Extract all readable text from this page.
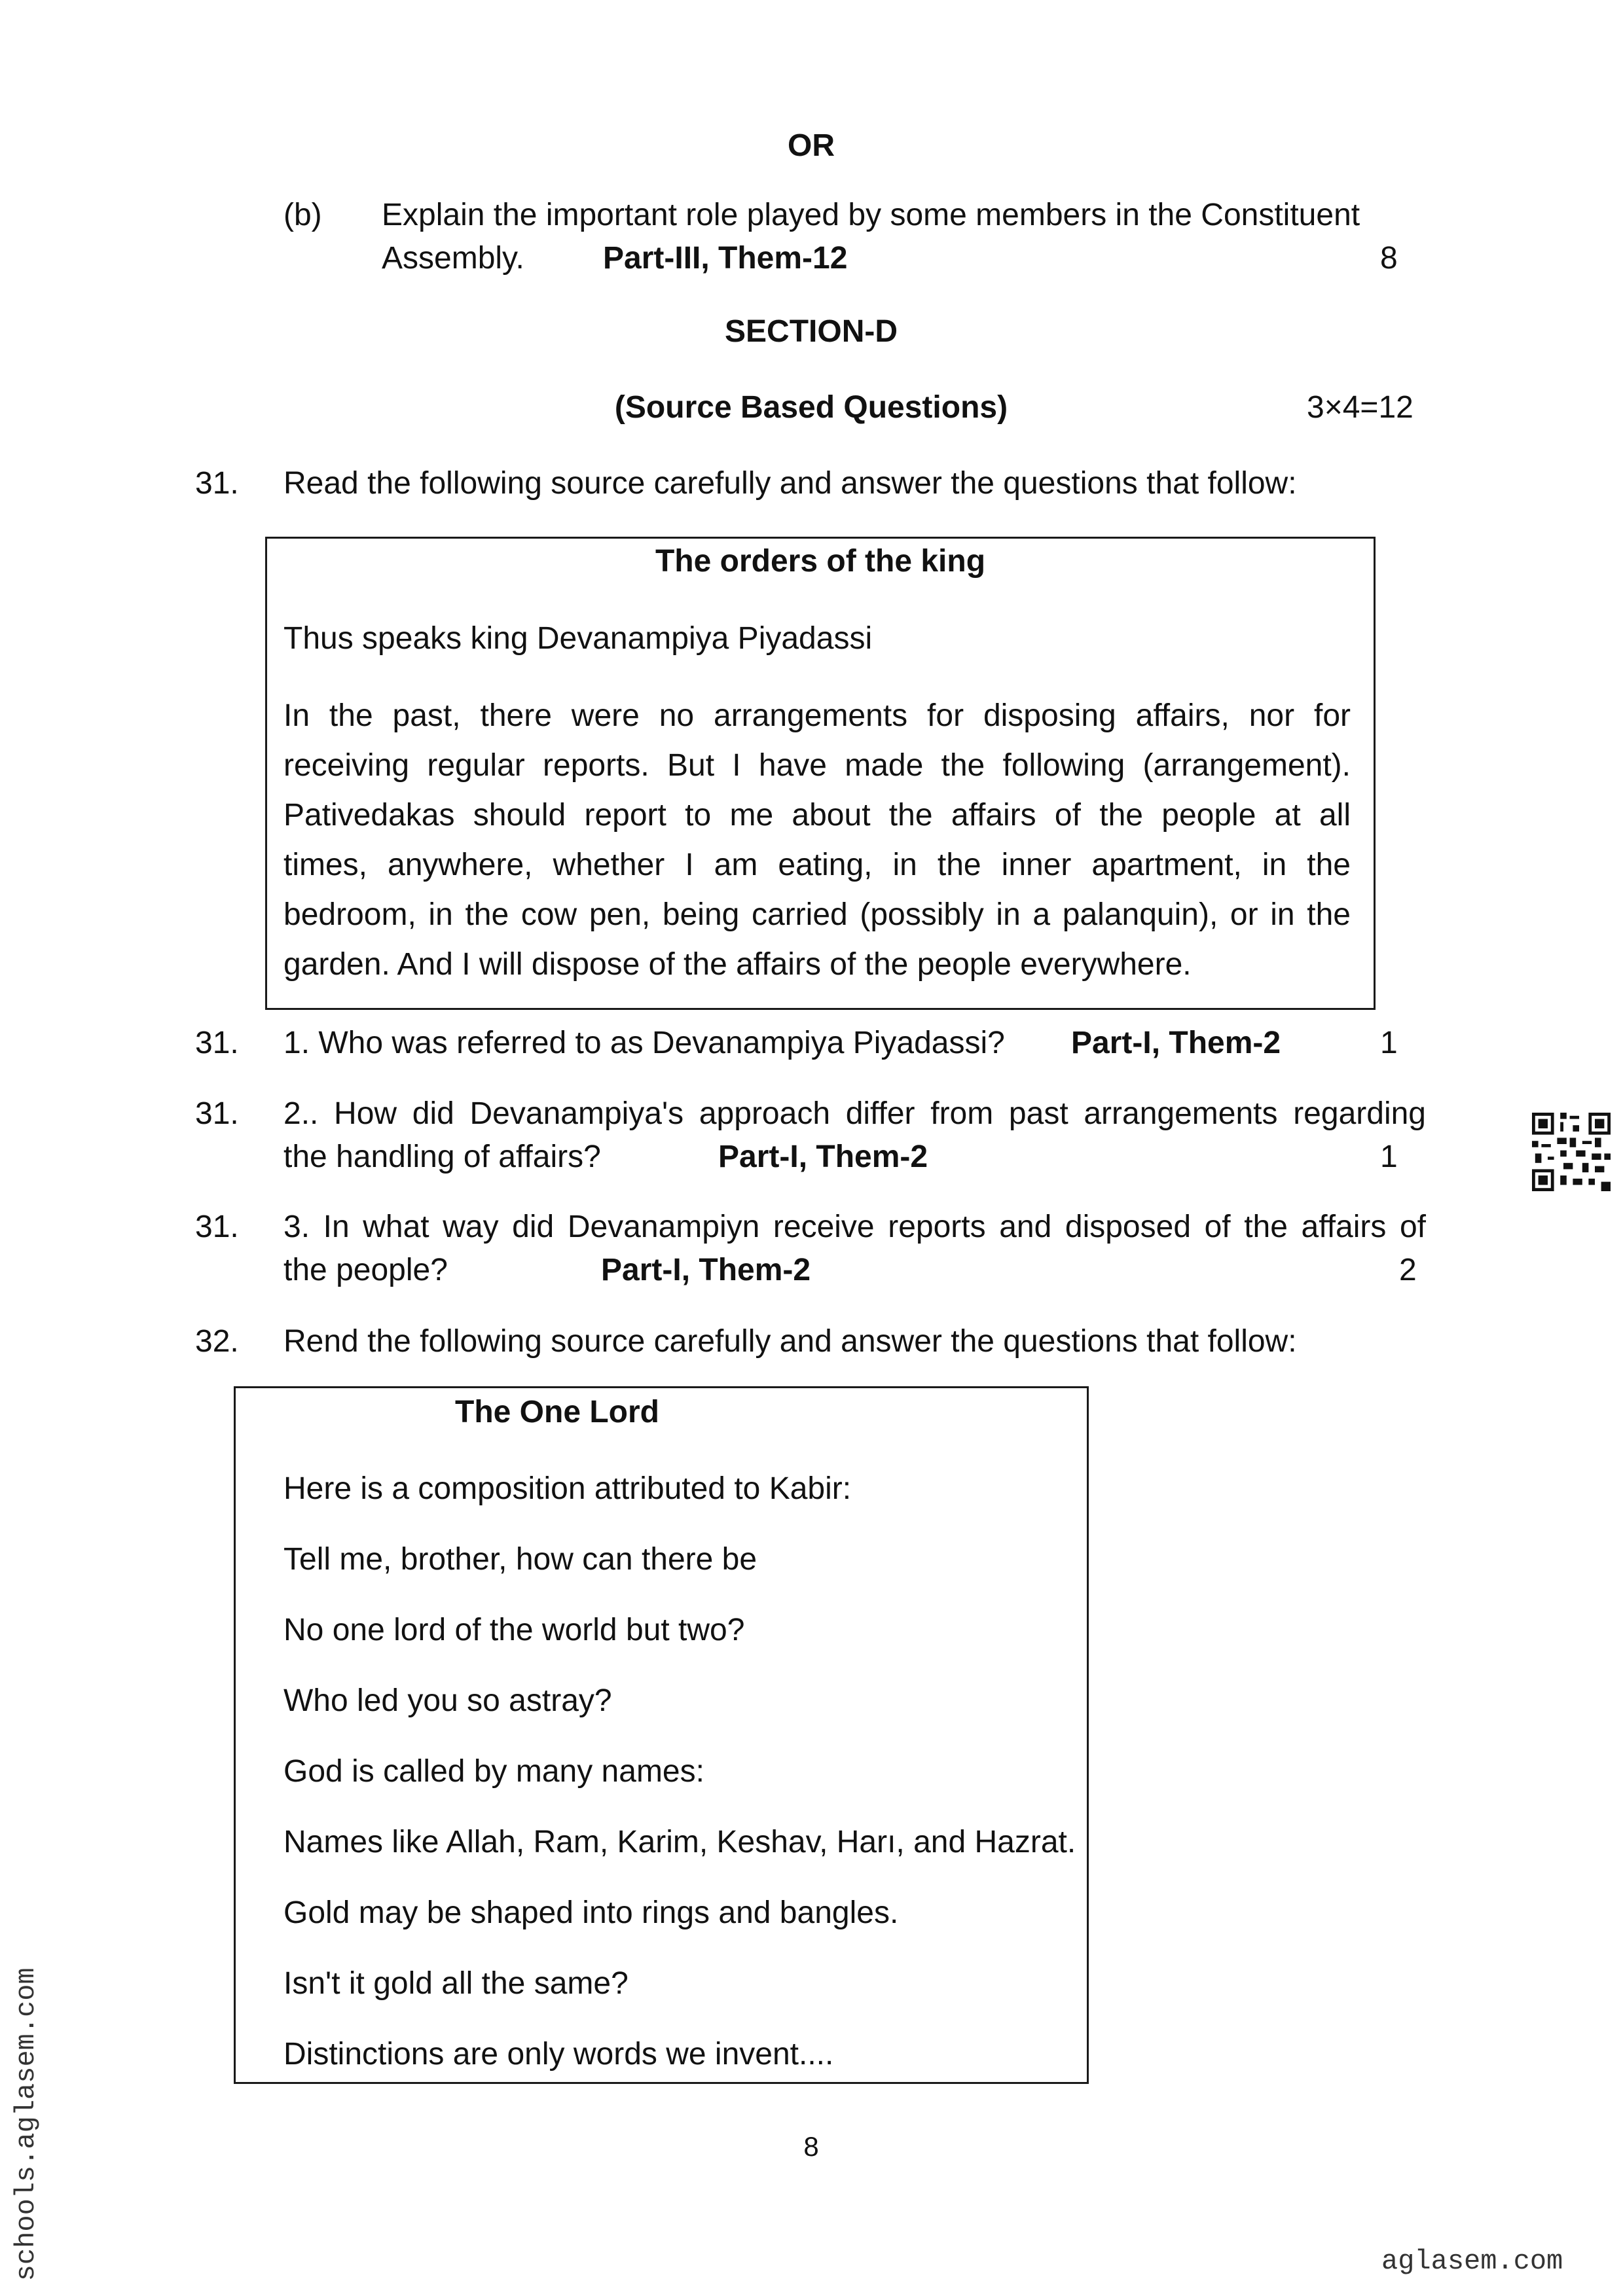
OR
(b) Explain the important role played by some members in the Constituent
Assembly.	Part-III, Them-12	8
SECTION-D
(Source Based Questions)	3×4=12
31. Read the following source carefully and answer the questions that follow:
The orders of the king
Thus speaks king Devanampiya Piyadassi
In the past, there were no arrangements for disposing affairs, nor for
receiving regular reports. But I have made the following (arrangement).
Pativedakas should report to me about the affairs of the people at all
times, anywhere, whether I am eating, in the inner apartment, in the
bedroom, in the cow pen, being carried (possibly in a palanquin), or in the
garden. And I will dispose of the affairs of the people everywhere.
31. 1. Who was referred to as Devanampiya Piyadassi? Part-I, Them-2	1
31. 2.. How did Devanampiya's approach differ from past arrangements regarding
the handling of affairs?	Part-I, Them-2	1
31. 3. In what way did Devanampiyn receive reports and disposed of the affairs of
the people?	Part-I, Them-2	2
32. Rend the following source carefully and answer the questions that follow:
The One Lord
Here is a composition attributed to Kabir:
Tell me, brother, how can there be
No one lord of the world but two?
Who led you so astray?
God is called by many names:
Names like Allah, Ram, Karim, Keshav, Harı, and Hazrat.
Gold may be shaped into rings and bangles.
Isn't it gold all the same?
Distinctions are only words we invent....
8
schools.aglasem.com	aglasem.com
